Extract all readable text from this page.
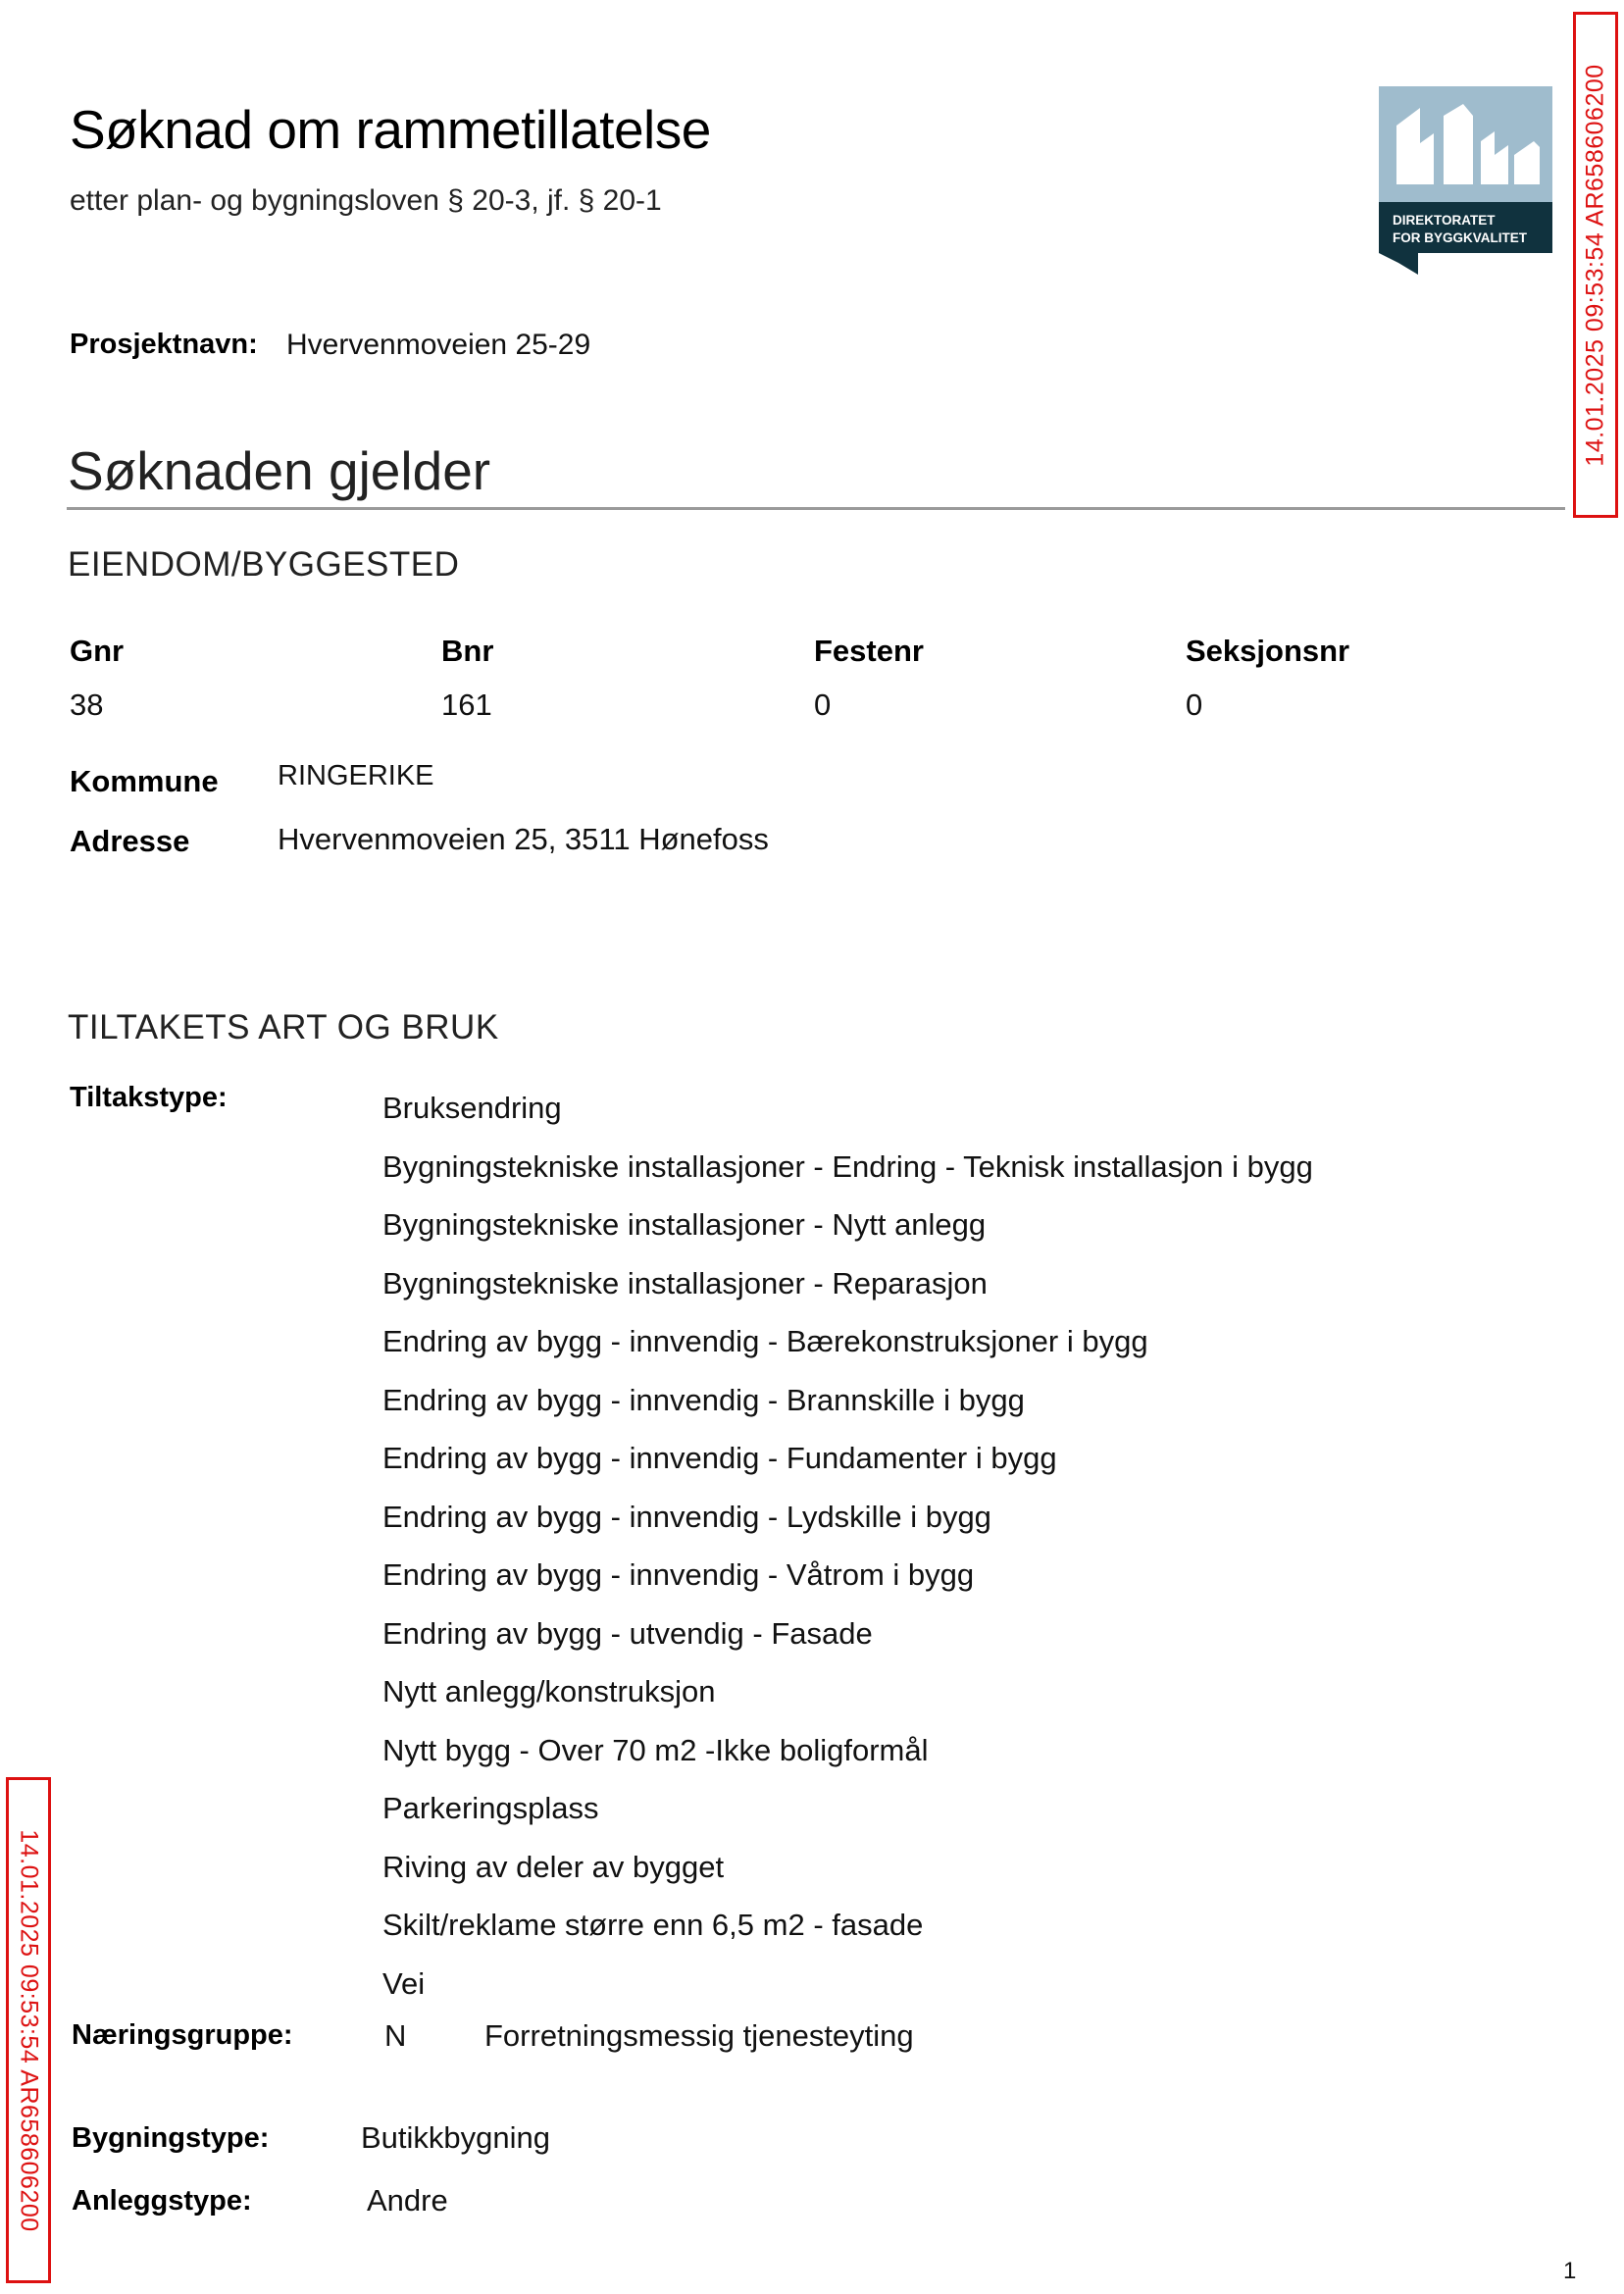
Søknad om rammetillatelse
etter plan- og bygningsloven § 20-3, jf. § 20-1
DIREKTORATET
FOR BYGGKVALITET 14.01.2025 09:53:54 AR658606200
14.01.2025 09:53:54 AR658606200
Prosjektnavn: Hvervenmoveien 25-29
Søknaden gjelder
EIENDOM/BYGGESTED
Gnr	Bnr	Festenr	Seksjonsnr
38	161	0	0
Kommune RINGERIKE
Adresse	Hvervenmoveien 25, 3511 Hønefoss
TILTAKETS ART OG BRUK
Tiltakstype:	Bruksendring
Bygningstekniske installasjoner - Endring - Teknisk installasjon i bygg
Bygningstekniske installasjoner - Nytt anlegg
Bygningstekniske installasjoner - Reparasjon
Endring av bygg - innvendig - Bærekonstruksjoner i bygg
Endring av bygg - innvendig - Brannskille i bygg
Endring av bygg - innvendig - Fundamenter i bygg
Endring av bygg - innvendig - Lydskille i bygg
Endring av bygg - innvendig - Våtrom i bygg
Endring av bygg - utvendig - Fasade
Nytt anlegg/konstruksjon
Nytt bygg - Over 70 m2 -Ikke boligformål
Parkeringsplass
Riving av deler av bygget
Skilt/reklame større enn 6,5 m2 - fasade
Vei
Næringsgruppe:	N	Forretningsmessig tjenesteyting
Bygningstype:	Butikkbygning
Anleggstype:	Andre
1
